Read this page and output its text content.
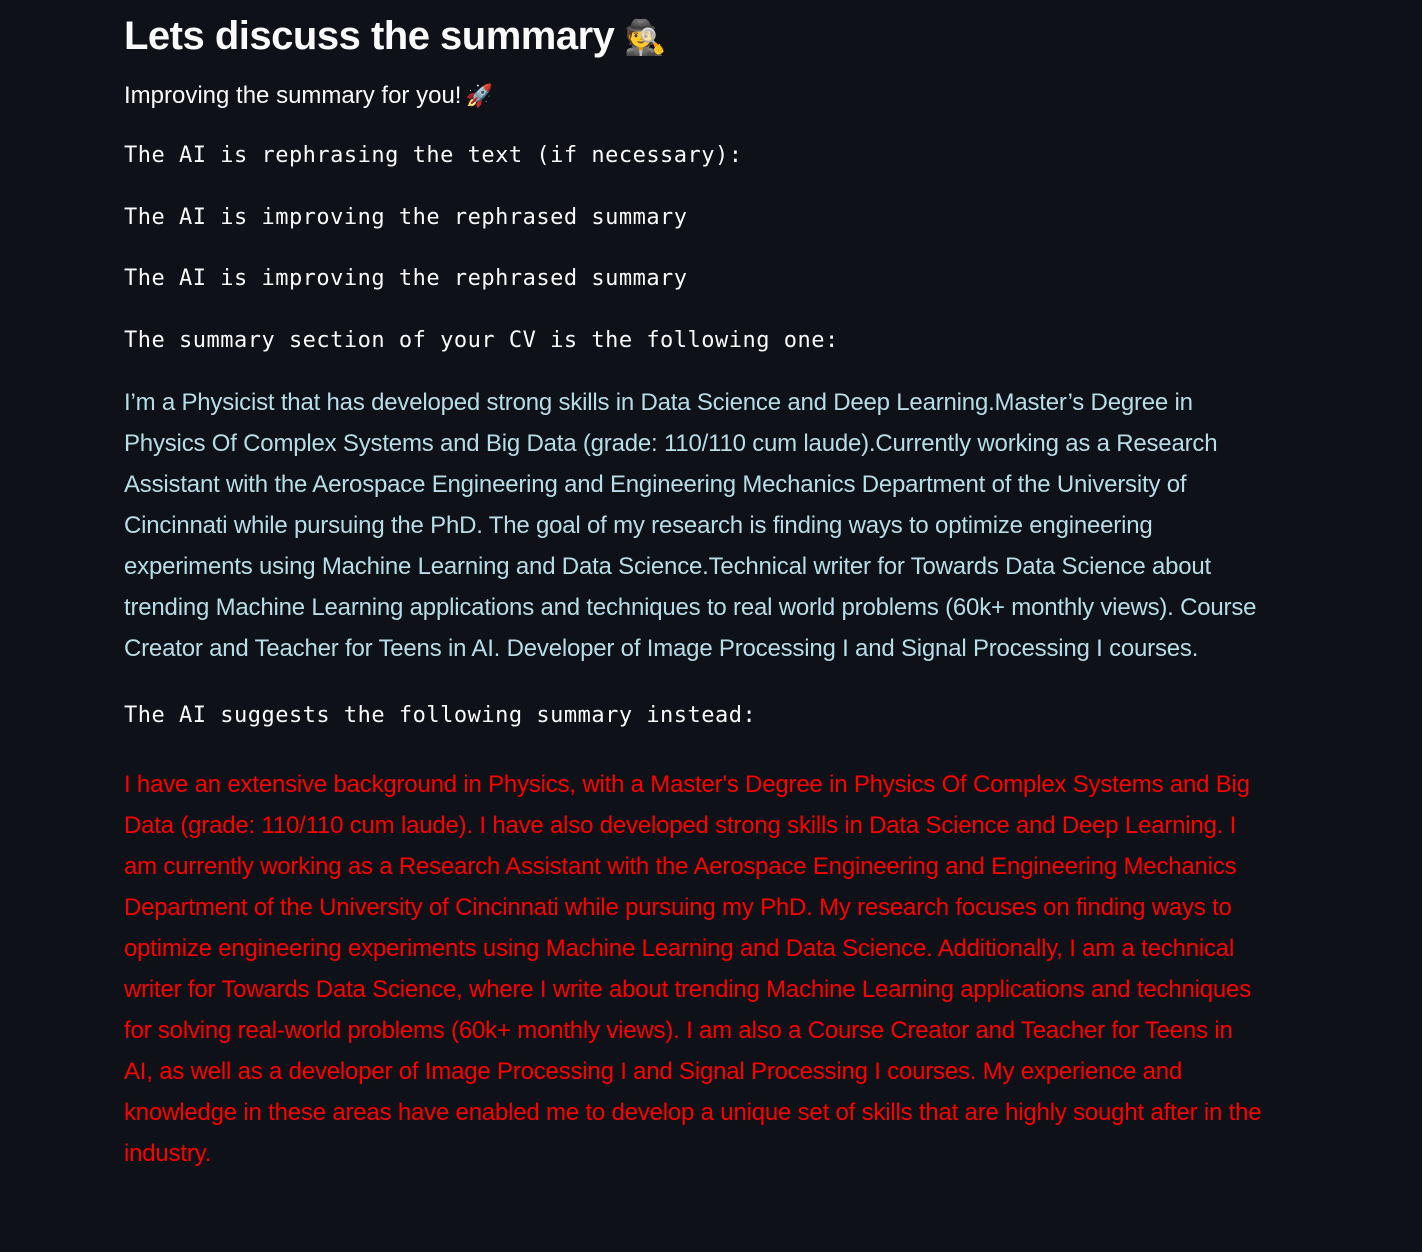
Lets discuss the summary 🕵️

Improving the summary for you! 🚀

The AI is rephrasing the text (if necessary):

The AI is improving the rephrased summary

The AI is improving the rephrased summary

The summary section of your CV is the following one:

I’m a Physicist that has developed strong skills in Data Science and Deep Learning.Master’s Degree in Physics Of Complex Systems and Big Data (grade: 110/110 cum laude).Currently working as a Research Assistant with the Aerospace Engineering and Engineering Mechanics Department of the University of Cincinnati while pursuing the PhD. The goal of my research is finding ways to optimize engineering experiments using Machine Learning and Data Science.Technical writer for Towards Data Science about trending Machine Learning applications and techniques to real world problems (60k+ monthly views). Course Creator and Teacher for Teens in AI. Developer of Image Processing I and Signal Processing I courses.

The AI suggests the following summary instead:

I have an extensive background in Physics, with a Master's Degree in Physics Of Complex Systems and Big Data (grade: 110/110 cum laude). I have also developed strong skills in Data Science and Deep Learning. I am currently working as a Research Assistant with the Aerospace Engineering and Engineering Mechanics Department of the University of Cincinnati while pursuing my PhD. My research focuses on finding ways to optimize engineering experiments using Machine Learning and Data Science. Additionally, I am a technical writer for Towards Data Science, where I write about trending Machine Learning applications and techniques for solving real-world problems (60k+ monthly views). I am also a Course Creator and Teacher for Teens in AI, as well as a developer of Image Processing I and Signal Processing I courses. My experience and knowledge in these areas have enabled me to develop a unique set of skills that are highly sought after in the industry.
